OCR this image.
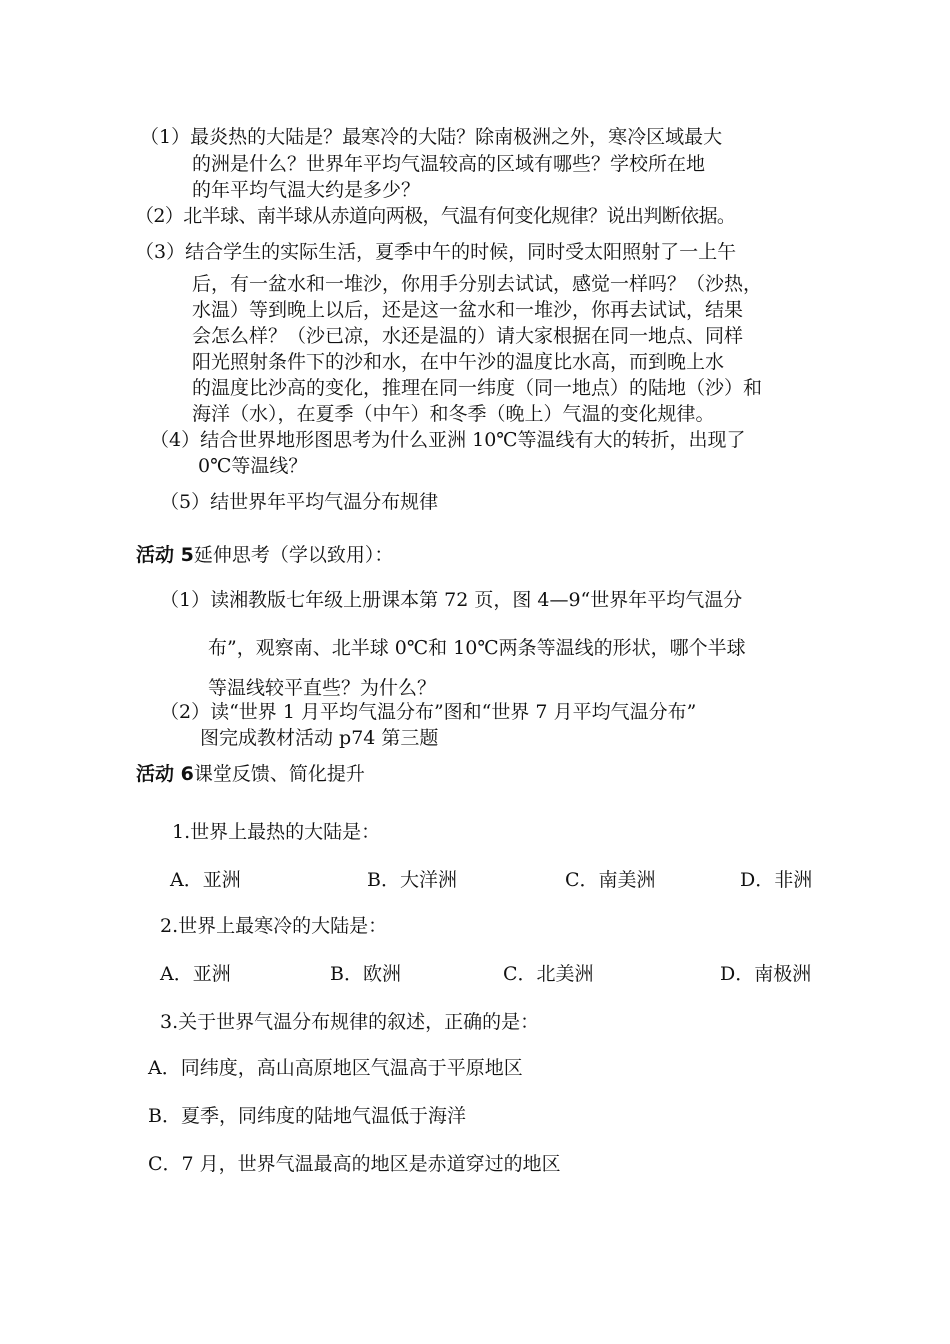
（1）最炎热的大陆是？最寒冷的大陆？除南极洲之外，寒冷区域最大
的洲是什么？世界年平均气温较高的区域有哪些？学校所在地
的年平均气温大约是多少？
（2）北半球、南半球从赤道向两极，气温有何变化规律？说出判断依据。
（3）结合学生的实际生活，夏季中午的时候，同时受太阳照射了一上午
后，有一盆水和一堆沙，你用手分别去试试，感觉一样吗？（沙热，
水温）等到晚上以后，还是这一盆水和一堆沙，你再去试试，结果
会怎么样？（沙已凉，水还是温的）请大家根据在同一地点、同样
阳光照射条件下的沙和水，在中午沙的温度比水高，而到晚上水
的温度比沙高的变化，推理在同一纬度（同一地点）的陆地（沙）和
海洋（水），在夏季（中午）和冬季（晚上）气温的变化规律。
（4）结合世界地形图思考为什么亚洲 10℃等温线有大的转折，出现了
0℃等温线？
（5）结世界年平均气温分布规律
活动 5延伸思考（学以致用）：
（1）读湘教版七年级上册课本第 72 页，图 4—9“世界年平均气温分
布”，观察南、北半球 0℃和 10℃两条等温线的形状，哪个半球
等温线较平直些？为什么？
（2）读“世界 1 月平均气温分布”图和“世界 7 月平均气温分布”
图完成教材活动 p74 第三题
活动 6课堂反馈、简化提升
1.世界上最热的大陆是：
A．亚洲	B．大洋洲	C．南美洲	D．非洲
2.世界上最寒冷的大陆是：
A．亚洲	B．欧洲	C．北美洲	D．南极洲
3.关于世界气温分布规律的叙述，正确的是：
A．同纬度，高山高原地区气温高于平原地区
B．夏季，同纬度的陆地气温低于海洋
C．7 月，世界气温最高的地区是赤道穿过的地区
